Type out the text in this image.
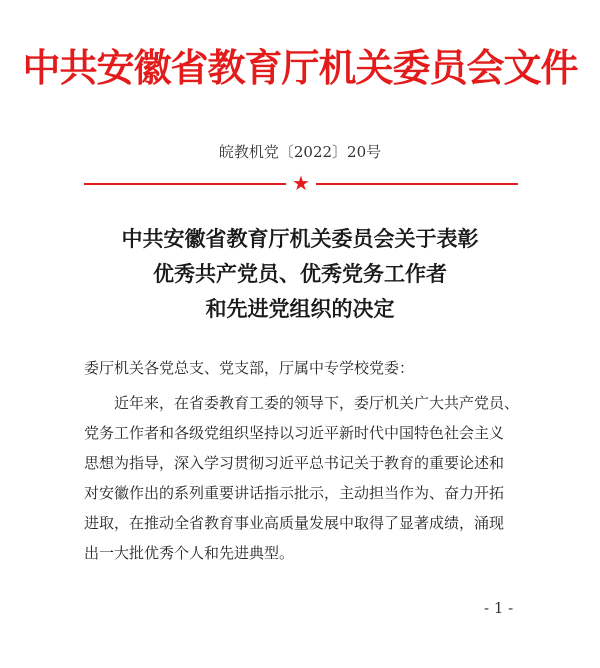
中共安徽省教育厅机关委员会文件
皖教机党〔2022〕20号
★
中共安徽省教育厅机关委员会关于表彰
优秀共产党员、优秀党务工作者
和先进党组织的决定
委厅机关各党总支、党支部，厅属中专学校党委：
近年来，在省委教育工委的领导下，委厅机关广大共产党员、
党务工作者和各级党组织坚持以习近平新时代中国特色社会主义
思想为指导，深入学习贯彻习近平总书记关于教育的重要论述和
对安徽作出的系列重要讲话指示批示，主动担当作为、奋力开拓
进取，在推动全省教育事业高质量发展中取得了显著成绩，涌现
出一大批优秀个人和先进典型。
- 1 -
